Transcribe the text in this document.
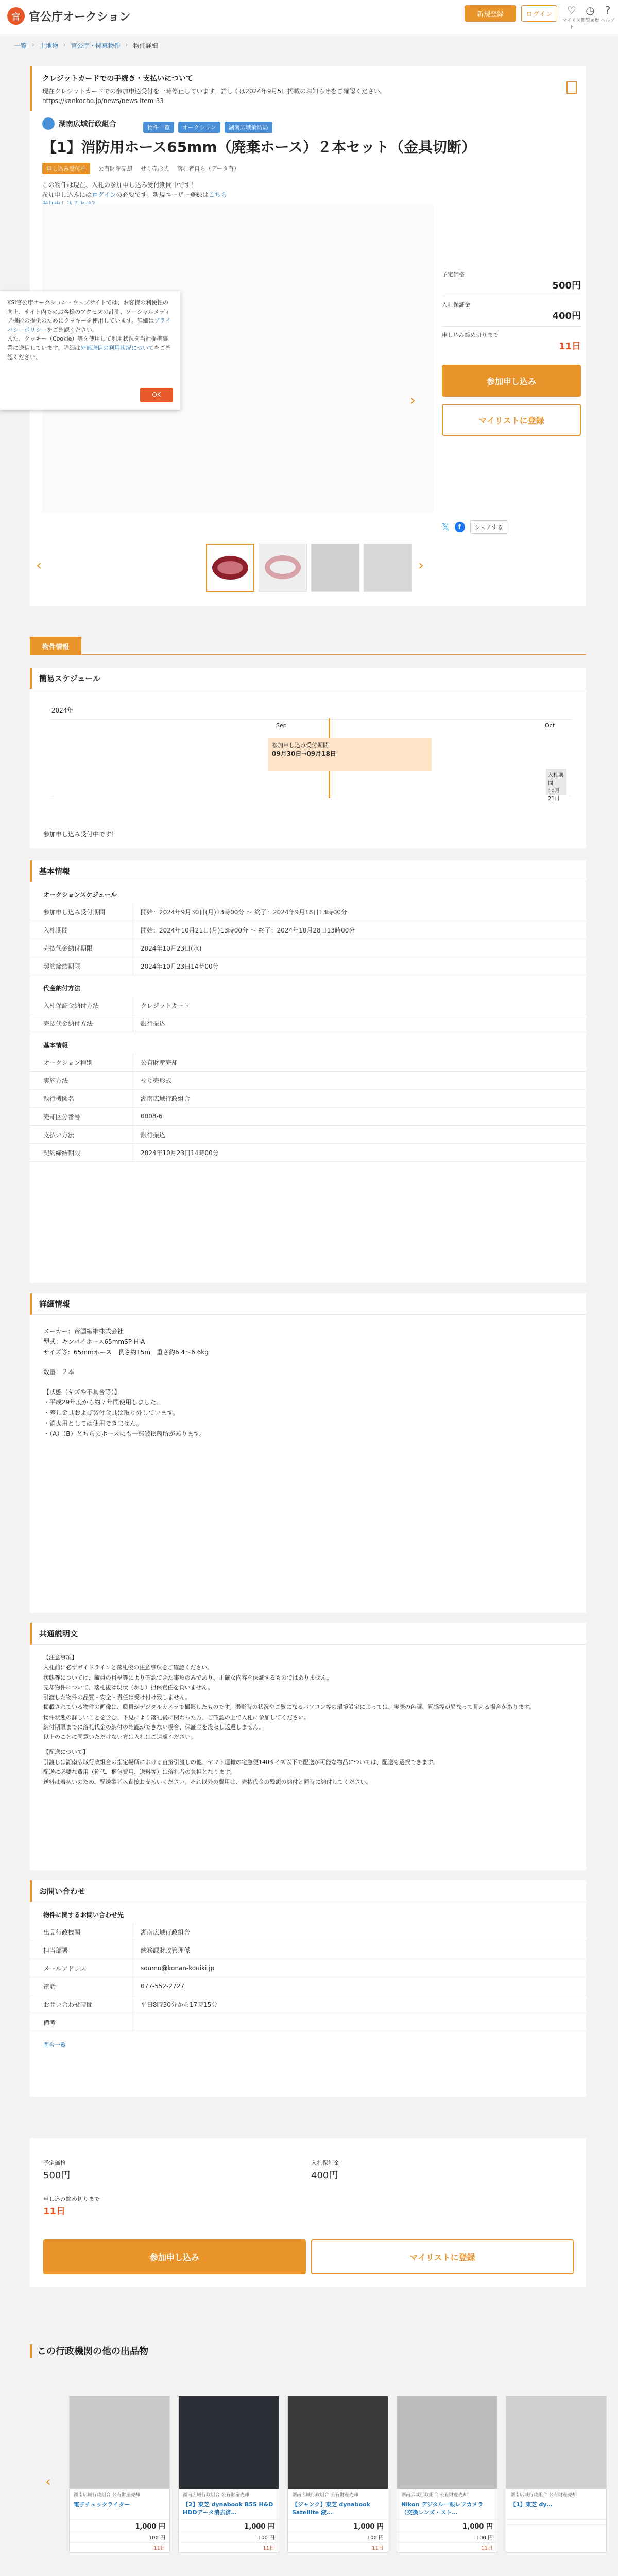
官 官公庁オークション	新規登録	ログイン	♡
マイリスト
◷
閲覧履歴
?
ヘルプ
一覧 › 土地物 › 官公庁・関東物件 › 物件詳細
クレジットカードでの手続き・支払いについて
現在クレジットカードでの参加申込受付を一時停止しています。詳しくは2024年9月5日掲載のお知らせをご確認ください。
https://kankocho.jp/news/news-item-33
湖南広域行政組合	物件一覧	オークション	湖南広域消防局
【1】消防用ホース65mm（廃棄ホース）２本セット（金具切断）
申し込み受付中	公有財産売却 せり売形式 落札者自ら（データ有）
この物件は現在、入札の参加申し込み受付期間中です！
参加申し込みにはログインの必要です。新規ユーザー登録はこちら
›
‹	›
KSI官公庁オークション・ウェブサイトでは、お客様の利便性の向上、サイト内でのお客様のアクセスの計測、ソーシャルメディア機能の提供のためにクッキーを使用しています。詳細はプライバシーポリシーをご確認ください。
また、クッキー（Cookie）等を使用して利用状況を当社提携事業に送信しています。詳細は外部送信の利用状況についてをご確認ください。
OK
予定価格
500円
入札保証金
400円
申し込み締め切りまで
11日
参加申し込み
マイリストに登録
𝕏	f	シェアする
物件情報
簡易スケジュール
2024年
Sep	Oct
参加申し込み受付期間
09月30日→09月18日
入札期間
10月21日
参加申し込み受付中です！
基本情報
オークションスケジュール
参加申し込み受付期間	開始：2024年9月30日(月)13時00分 ～ 終了：2024年9月18日13時00分
入札期間	開始：2024年10月21日(月)13時00分 ～ 終了：2024年10月28日13時00分
売払代金納付期限	2024年10月23日(水)
契約締結期限	2024年10月23日14時00分
代金納付方法
入札保証金納付方法	クレジットカード
売払代金納付方法	銀行振込
基本情報
オークション種別	公有財産売却
実施方法	せり売形式
執行機関名	湖南広域行政組合
売却区分番号	0008-6
支払い方法	銀行振込
契約締結期限	2024年10月23日14時00分
詳細情報
メーカー：帝国繊維株式会社
型式：キンバイホース65mmSP-H-A
サイズ等：65mmホース　長さ約15m　重さ約6.4〜6.6kg
数量：２本
【状態（キズや不具合等）】
・平成29年度から約７年間使用しました。
・差し金具および袋付金具は取り外しています。
・消火用としては使用できません。
・（A）（B）どちらのホースにも一部破損箇所があります。
共通説明文
【注意事項】
入札前に必ずガイドラインと落札後の注意事項をご確認ください。
状態等については、職員の目視等により確認できた事項のみであり、正確な内容を保証するものではありません。
売却物件について、落札後は現状（かし）担保責任を負いません。
引渡した物件の品質・安全・責任は受け付け致しません。
掲載されている物件の画像は、職員がデジタルカメラで撮影したものです。撮影時の状況やご覧になるパソコン等の環境設定によっては、実際の色調、質感等が異なって見える場合があります。
物件状態の詳しいことを含む、下見により落札後に関わった方、ご確認の上で入札に参加してください。
納付期限までに落札代金の納付の確認ができない場合、保証金を没収し返還しません。
以上のことに同意いただけない方は入札はご遠慮ください。
【配送について】
引渡しは湖南広域行政組合の指定場所における直接引渡しの他、ヤマト運輸の宅急便140サイズ以下で配送が可能な物品については、配送も選択できます。
配送に必要な費用（箱代、梱包費用、送料等）は落札者の負担となります。
送料は着払いのため、配送業者へ直接お支払いください。それ以外の費用は、売払代金の残額の納付と同時に納付してください。
お問い合わせ
物件に関するお問い合わせ先
出品行政機関	湖南広域行政組合
担当部署	総務課財政管理係
メールアドレス	soumu@konan-kouiki.jp
電話	077-552-2727
お問い合わせ時間	平日8時30分から17時15分
備考
問合一覧
予定価格
500円
入札保証金
400円
申し込み締め切りまで
11日
参加申し込み	マイリストに登録
この行政機関の他の出品物
‹
湖南広域行政組合 公有財産売却
電子チェックライター
1,000 円
100 円
11日
湖南広域行政組合 公有財産売却
【2】東芝 dynabook B55 H&D HDDデータ消去済…
1,000 円
100 円
11日
湖南広域行政組合 公有財産売却
【ジャンク】東芝 dynabook Satellite 液…
1,000 円
100 円
11日
湖南広域行政組合 公有財産売却
Nikon デジタル一眼レフカメラ（交換レンズ・スト…
1,000 円
100 円
11日
湖南広域行政組合 公有財産売却
【1】東芝 dy…
